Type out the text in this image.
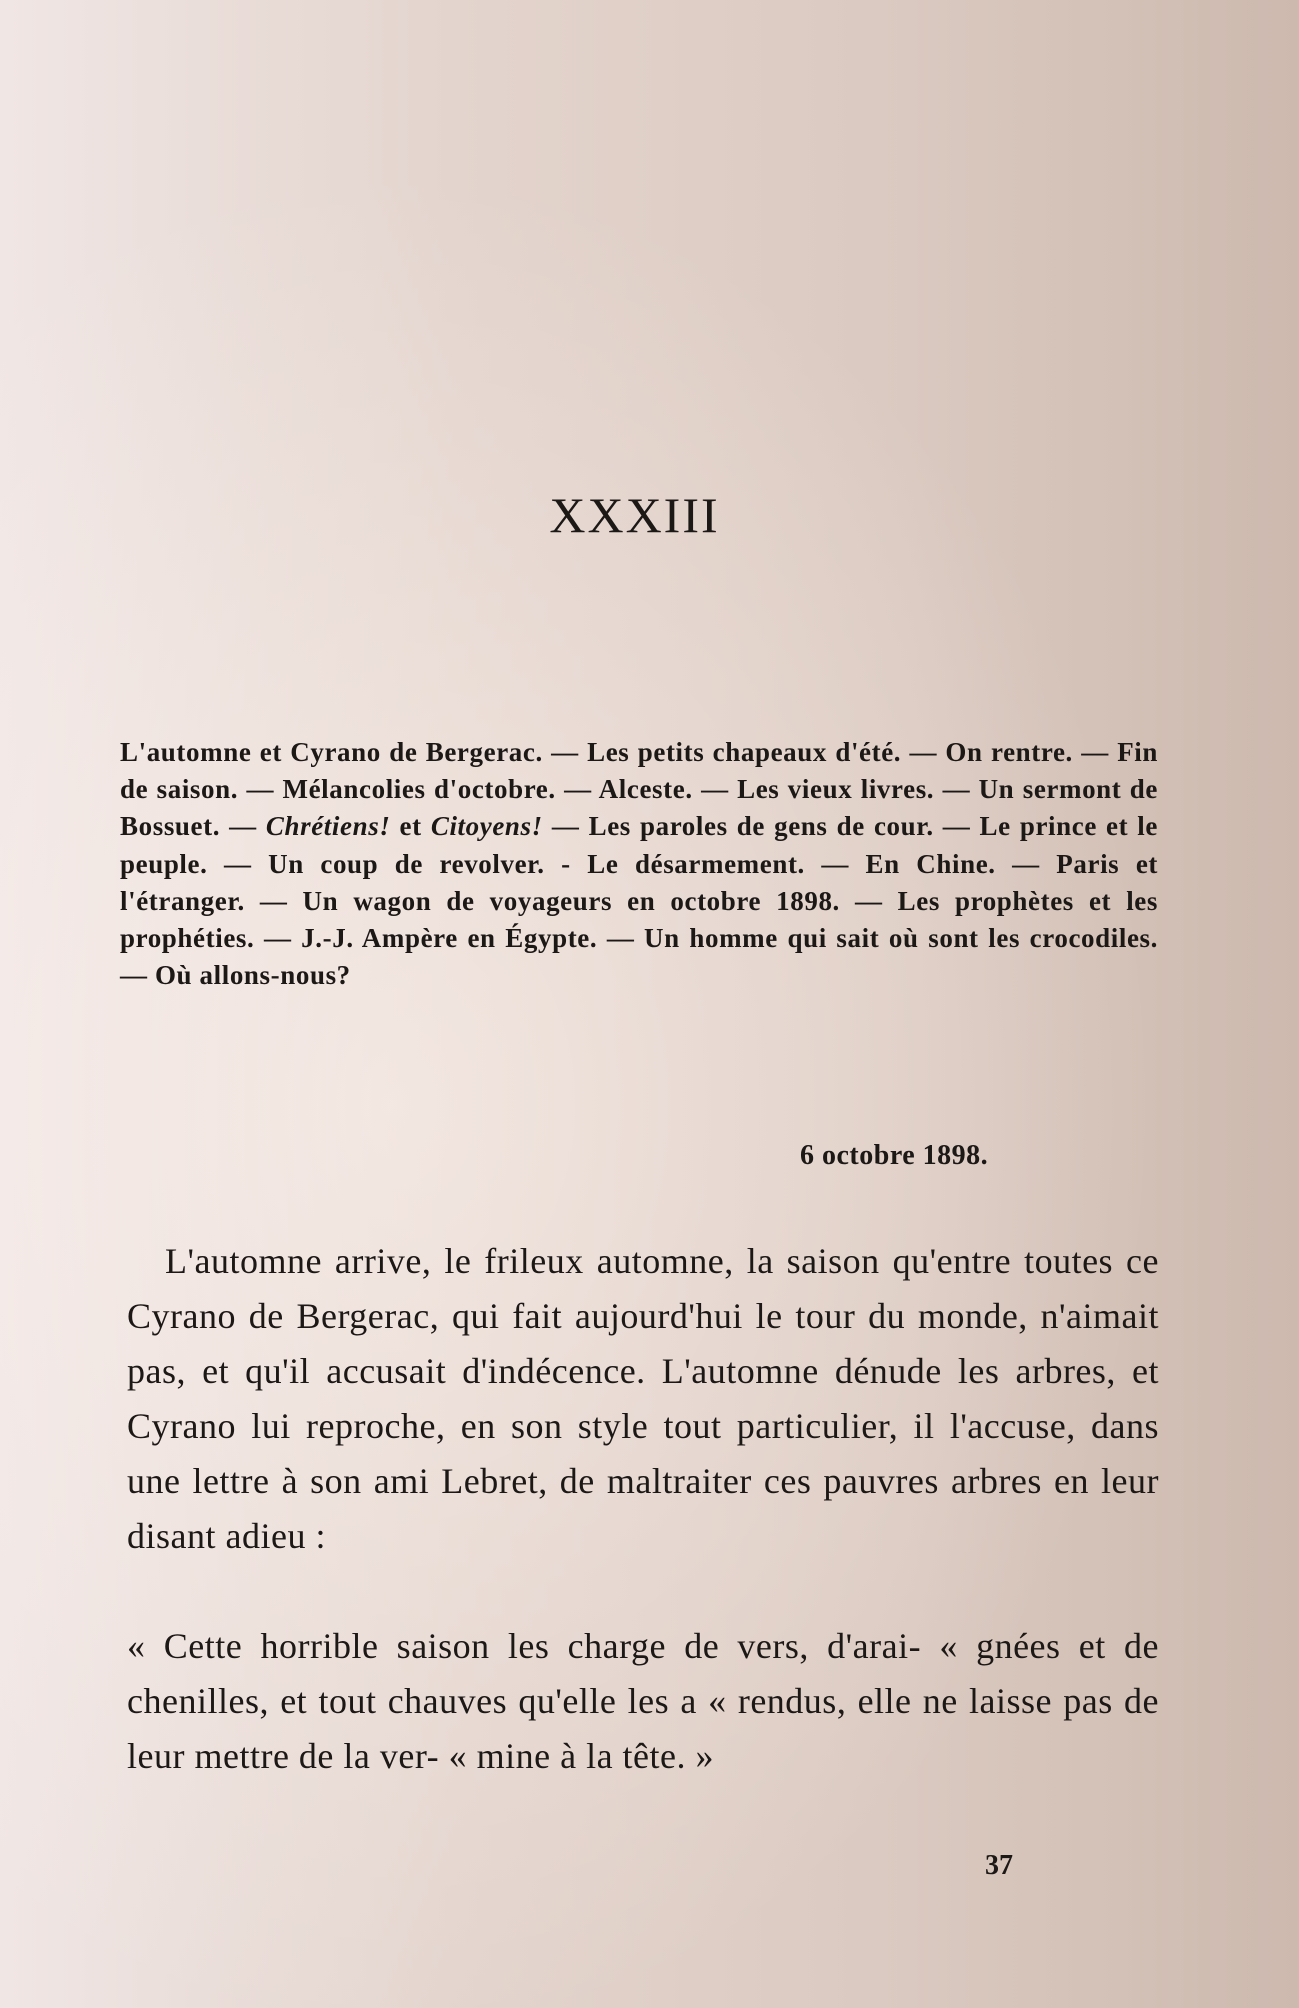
XXXIII
L'automne et Cyrano de Bergerac. — Les petits chapeaux d'été. — On rentre. — Fin de saison. — Mélancolies d'octobre. — Alceste. — Les vieux livres. — Un sermont de Bossuet. — Chrétiens! et Citoyens! — Les paroles de gens de cour. — Le prince et le peuple. — Un coup de revolver. - Le désarmement. — En Chine. — Paris et l'étranger. — Un wagon de voyageurs en octobre 1898. — Les prophètes et les prophéties. — J.-J. Ampère en Égypte. — Un homme qui sait où sont les crocodiles. — Où allons-nous?
6 octobre 1898.

L'automne arrive, le frileux automne, la saison qu'entre toutes ce Cyrano de Bergerac, qui fait aujourd'hui le tour du monde, n'aimait pas, et qu'il accusait d'indécence. L'automne dénude les arbres, et Cyrano lui reproche, en son style tout particulier, il l'accuse, dans une lettre à son ami Lebret, de maltraiter ces pauvres arbres en leur disant adieu :

« Cette horrible saison les charge de vers, d'arai- « gnées et de chenilles, et tout chauves qu'elle les a « rendus, elle ne laisse pas de leur mettre de la ver- « mine à la tête. »

37
